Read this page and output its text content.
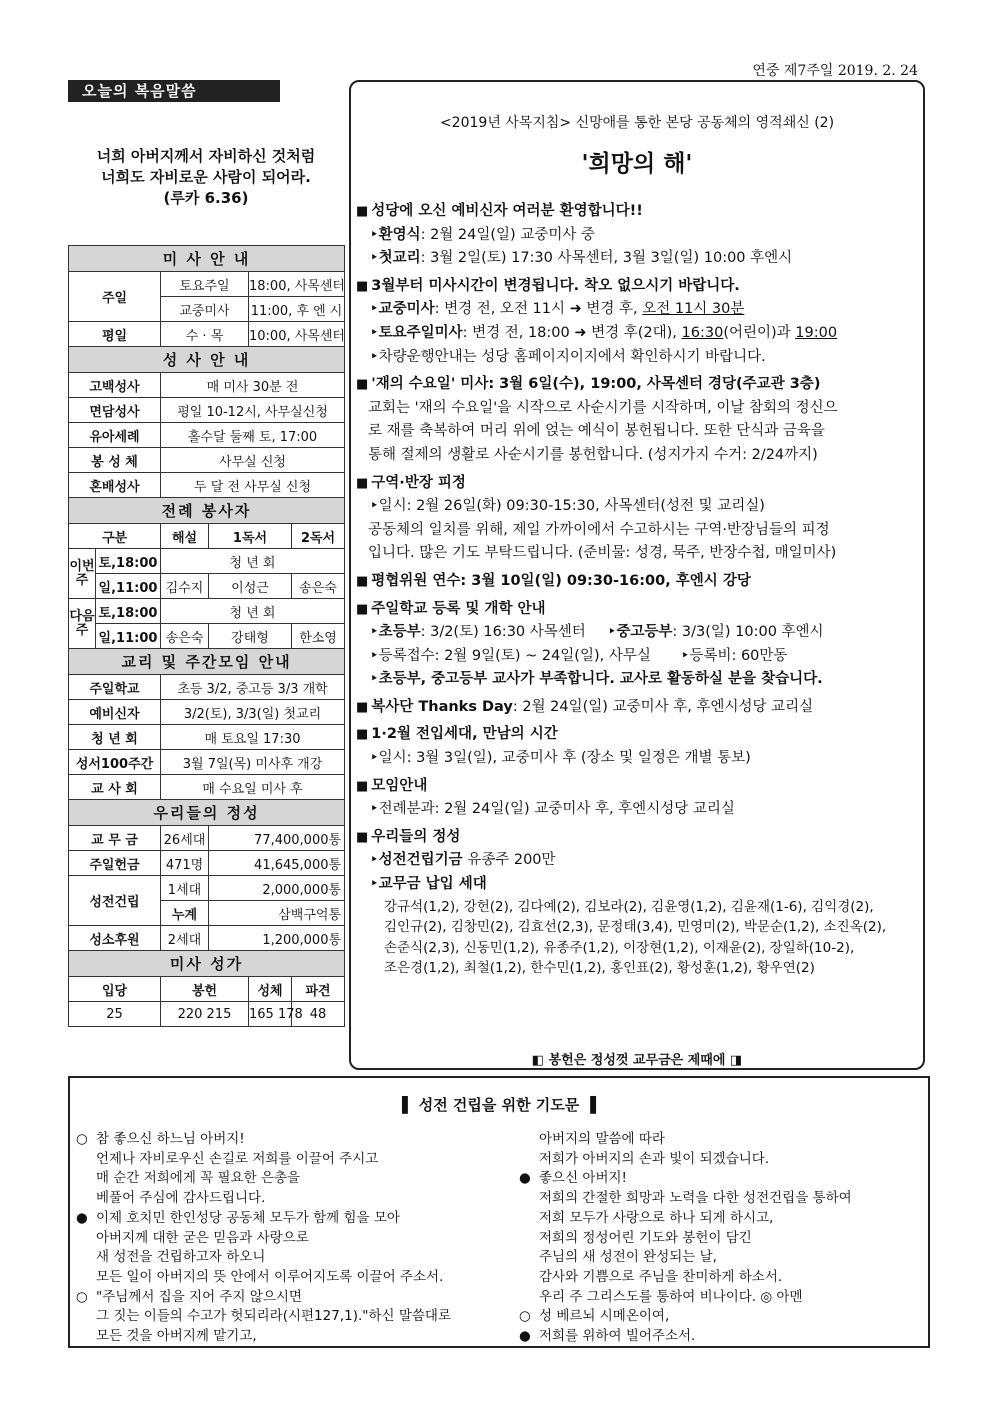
연중 제7주일 2019. 2. 24
오늘의 복음말씀
너희 아버지께서 자비하신 것처럼
너희도 자비로운 사람이 되어라.
(루카 6.36)
미 사 안 내					
주일		토요주일		18:00, 사목센터	
		교중미사		11:00, 후 엔 시	
평일		수 · 목		10:00, 사목센터	
성 사 안 내					
고백성사		매 미사 30분 전			
면담성사		평일 10-12시, 사무실신청			
유아세례		홀수달 둘째 토, 17:00			
봉 성 체		사무실 신청			
혼배성사		두 달 전 사무실 신청			
전례 봉사자					
구분		해설	1독서		2독서
이번주	토,18:00	청 년 회			
	일,11:00	김수지	이성근		송은숙
다음주	토,18:00	청 년 회			
	일,11:00	송은숙	강태형		한소영
교리 및 주간모임 안내					
주일학교		초등 3/2, 중고등 3/3 개학			
예비신자		3/2(토), 3/3(일) 첫교리			
청 년 회		매 토요일 17:30			
성서100주간		3월 7일(목) 미사후 개강			
교 사 회		매 수요일 미사 후			
우리들의 정성					
교 무 금		26세대	77,400,000통		
주일헌금		471명	41,645,000통		
성전건립		1세대	2,000,000통		
		누계	삼백구억통		
성소후원		2세대	1,200,000통		
미사 성가					
입당		봉헌		성체	파견
25		220 215		165 178	48
<2019년 사목지침> 신망애를 통한 본당 공동체의 영적쇄신 (2)
'희망의 해'
■ 성당에 오신 예비신자 여러분 환영합니다!!
‣환영식: 2월 24일(일) 교중미사 중
‣첫교리: 3월 2일(토) 17:30 사목센터, 3월 3일(일) 10:00 후엔시
■ 3월부터 미사시간이 변경됩니다. 착오 없으시기 바랍니다.
‣교중미사: 변경 전, 오전 11시 ➜ 변경 후, 오전 11시 30분
‣토요주일미사: 변경 전, 18:00 ➜ 변경 후(2대), 16:30(어린이)과 19:00
‣차량운행안내는 성당 홈페이지이지에서 확인하시기 바랍니다.
■ '재의 수요일' 미사: 3월 6일(수), 19:00, 사목센터 경당(주교관 3층)
교회는 '재의 수요일'을 시작으로 사순시기를 시작하며, 이날 참회의 정신으
로 재를 축복하여 머리 위에 얹는 예식이 봉헌됩니다. 또한 단식과 금육을
통해 절제의 생활로 사순시기를 봉헌합니다. (성지가지 수거: 2/24까지)
■ 구역·반장 피정
‣일시: 2월 26일(화) 09:30-15:30, 사목센터(성전 및 교리실)
공동체의 일치를 위해, 제일 가까이에서 수고하시는 구역·반장님들의 피정
입니다. 많은 기도 부탁드립니다. (준비물: 성경, 묵주, 반장수첩, 매일미사)
■ 평협위원 연수: 3월 10일(일) 09:30-16:00, 후엔시 강당
■ 주일학교 등록 및 개학 안내
‣초등부: 3/2(토) 16:30 사목센터 ‣중고등부: 3/3(일) 10:00 후엔시
‣등록접수: 2월 9일(토) ~ 24일(일), 사무실 ‣등록비: 60만동
‣초등부, 중고등부 교사가 부족합니다. 교사로 활동하실 분을 찾습니다.
■ 복사단 Thanks Day: 2월 24일(일) 교중미사 후, 후엔시성당 교리실
■ 1·2월 전입세대, 만남의 시간
‣일시: 3월 3일(일), 교중미사 후 (장소 및 일정은 개별 통보)
■ 모임안내
‣전례분과: 2월 24일(일) 교중미사 후, 후엔시성당 교리실
■ 우리들의 정성
‣성전건립기금 유종주 200만
‣교무금 납입 세대
강규석(1,2), 강헌(2), 김다예(2), 김보라(2), 김윤영(1,2), 김윤재(1-6), 김익경(2),
김인규(2), 김창민(2), 김효선(2,3), 문정태(3,4), 민영미(2), 박문순(1,2), 소진옥(2),
손준식(2,3), 신동민(1,2), 유종주(1,2), 이장현(1,2), 이재윤(2), 장일하(10-2),
조은경(1,2), 최철(1,2), 한수민(1,2), 홍인표(2), 황성훈(1,2), 황우연(2)
◧ 봉헌은 정성껏 교무금은 제때에 ◨
▌ 성전 건립을 위한 기도문 ▐
○ 참 좋으신 하느님 아버지!
언제나 자비로우신 손길로 저희를 이끌어 주시고
매 순간 저희에게 꼭 필요한 은총을
베풀어 주심에 감사드립니다.
● 이제 호치민 한인성당 공동체 모두가 함께 힘을 모아
아버지께 대한 굳은 믿음과 사랑으로
새 성전을 건립하고자 하오니
모든 일이 아버지의 뜻 안에서 이루어지도록 이끌어 주소서.
○ "주님께서 집을 지어 주지 않으시면
그 짓는 이들의 수고가 헛되리라(시편127,1)."하신 말씀대로
모든 것을 아버지께 맡기고,
아버지의 말씀에 따라
저희가 아버지의 손과 빛이 되겠습니다.
● 좋으신 아버지!
저희의 간절한 희망과 노력을 다한 성전건립을 통하여
저희 모두가 사랑으로 하나 되게 하시고,
저희의 정성어린 기도와 봉헌이 담긴
주님의 새 성전이 완성되는 날,
감사와 기쁨으로 주님을 찬미하게 하소서.
우리 주 그리스도를 통하여 비나이다. ◎ 아멘
○ 성 베르뇌 시메온이여,
● 저희를 위하여 빌어주소서.
